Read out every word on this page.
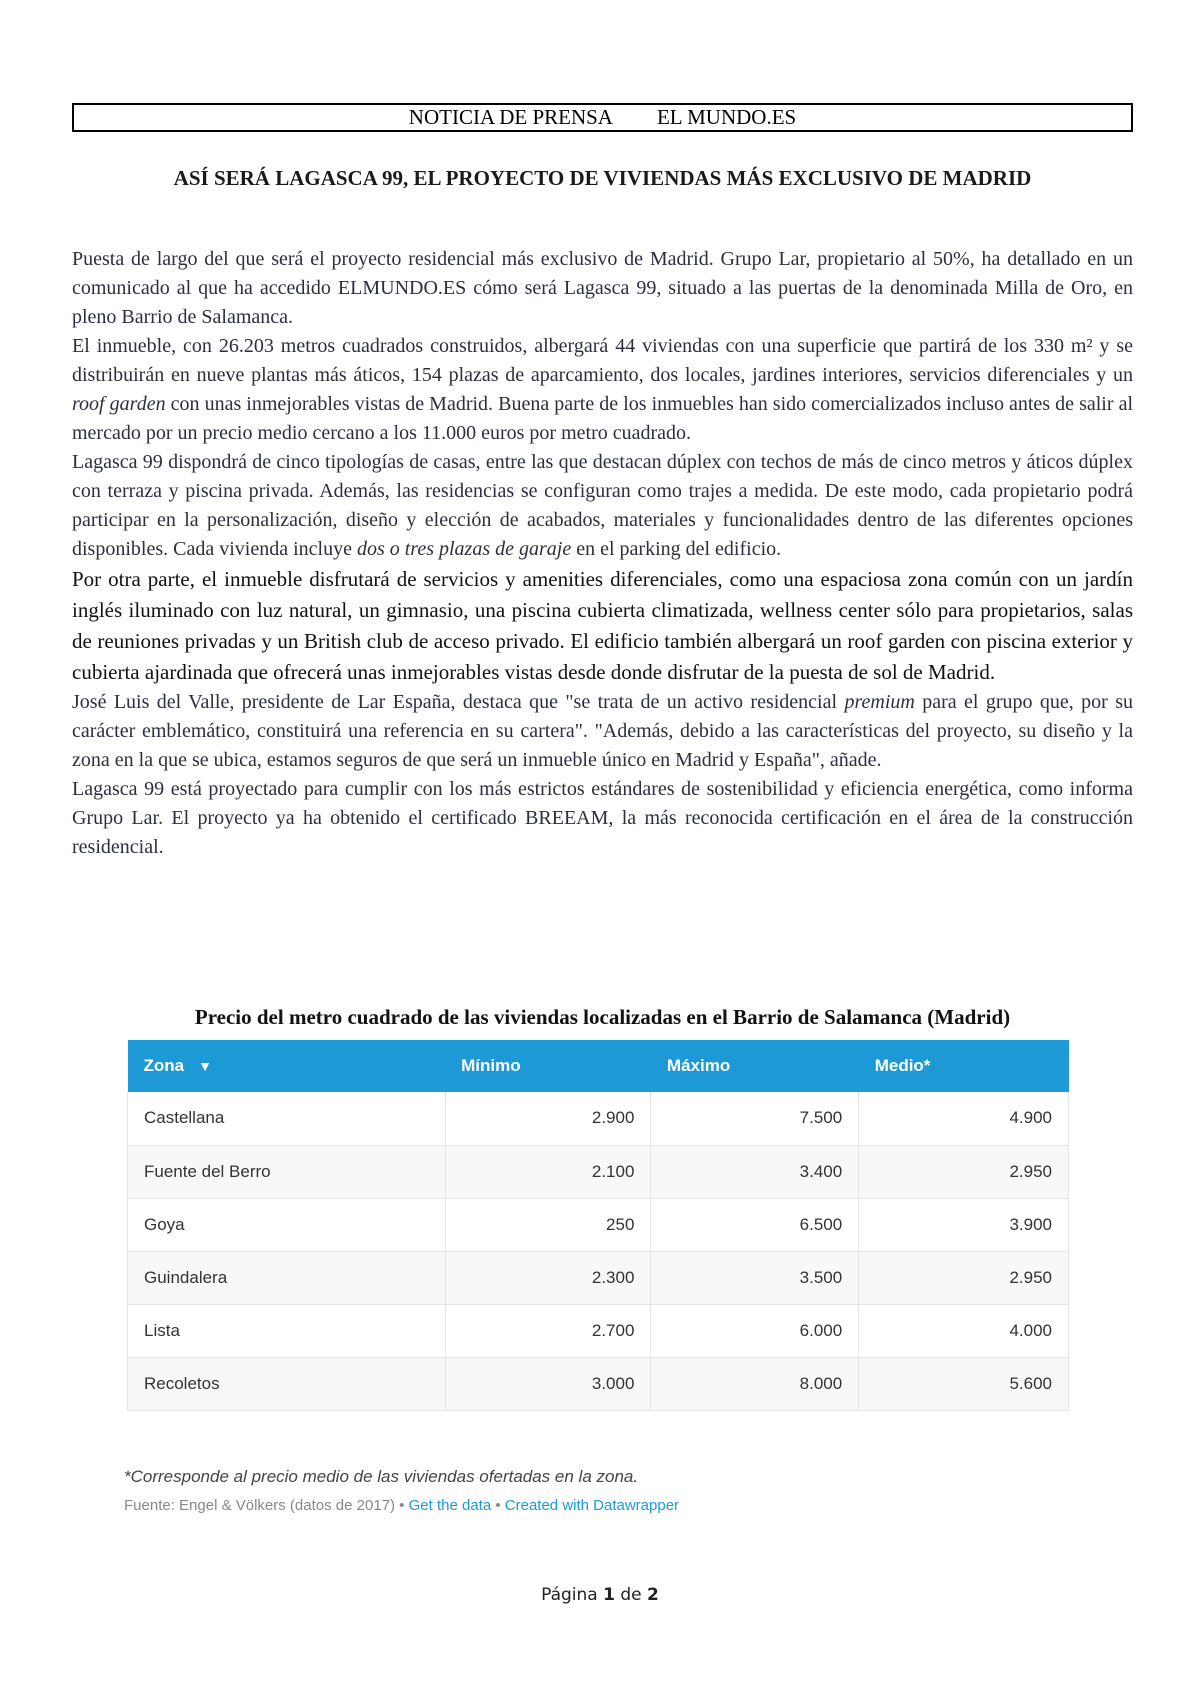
NOTICIA DE PRENSA EL MUNDO.ES
ASÍ SERÁ LAGASCA 99, EL PROYECTO DE VIVIENDAS MÁS EXCLUSIVO DE MADRID

Puesta de largo del que será el proyecto residencial más exclusivo de Madrid. Grupo Lar, propietario al 50%, ha detallado en un comunicado al que ha accedido ELMUNDO.ES cómo será Lagasca 99, situado a las puertas de la denominada Milla de Oro, en pleno Barrio de Salamanca.

El inmueble, con 26.203 metros cuadrados construidos, albergará 44 viviendas con una superficie que partirá de los 330 m² y se distribuirán en nueve plantas más áticos, 154 plazas de aparcamiento, dos locales, jardines interiores, servicios diferenciales y un roof garden con unas inmejorables vistas de Madrid. Buena parte de los inmuebles han sido comercializados incluso antes de salir al mercado por un precio medio cercano a los 11.000 euros por metro cuadrado.

Lagasca 99 dispondrá de cinco tipologías de casas, entre las que destacan dúplex con techos de más de cinco metros y áticos dúplex con terraza y piscina privada. Además, las residencias se configuran como trajes a medida. De este modo, cada propietario podrá participar en la personalización, diseño y elección de acabados, materiales y funcionalidades dentro de las diferentes opciones disponibles. Cada vivienda incluye dos o tres plazas de garaje en el parking del edificio.

Por otra parte, el inmueble disfrutará de servicios y amenities diferenciales, como una espaciosa zona común con un jardín inglés iluminado con luz natural, un gimnasio, una piscina cubierta climatizada, wellness center sólo para propietarios, salas de reuniones privadas y un British club de acceso privado. El edificio también albergará un roof garden con piscina exterior y cubierta ajardinada que ofrecerá unas inmejorables vistas desde donde disfrutar de la puesta de sol de Madrid.

José Luis del Valle, presidente de Lar España, destaca que "se trata de un activo residencial premium para el grupo que, por su carácter emblemático, constituirá una referencia en su cartera". "Además, debido a las características del proyecto, su diseño y la zona en la que se ubica, estamos seguros de que será un inmueble único en Madrid y España", añade.

Lagasca 99 está proyectado para cumplir con los más estrictos estándares de sostenibilidad y eficiencia energética, como informa Grupo Lar. El proyecto ya ha obtenido el certificado BREEAM, la más reconocida certificación en el área de la construcción residencial.

Precio del metro cuadrado de las viviendas localizadas en el Barrio de Salamanca (Madrid)
Zona ▼	Mínimo	Máximo	Medio*
Castellana	2.900	7.500	4.900
Fuente del Berro	2.100	3.400	2.950
Goya	250	6.500	3.900
Guindalera	2.300	3.500	2.950
Lista	2.700	6.000	4.000
Recoletos	3.000	8.000	5.600
*Corresponde al precio medio de las viviendas ofertadas en la zona.
Fuente: Engel & Völkers (datos de 2017) • Get the data • Created with Datawrapper
Página 1 de 2
